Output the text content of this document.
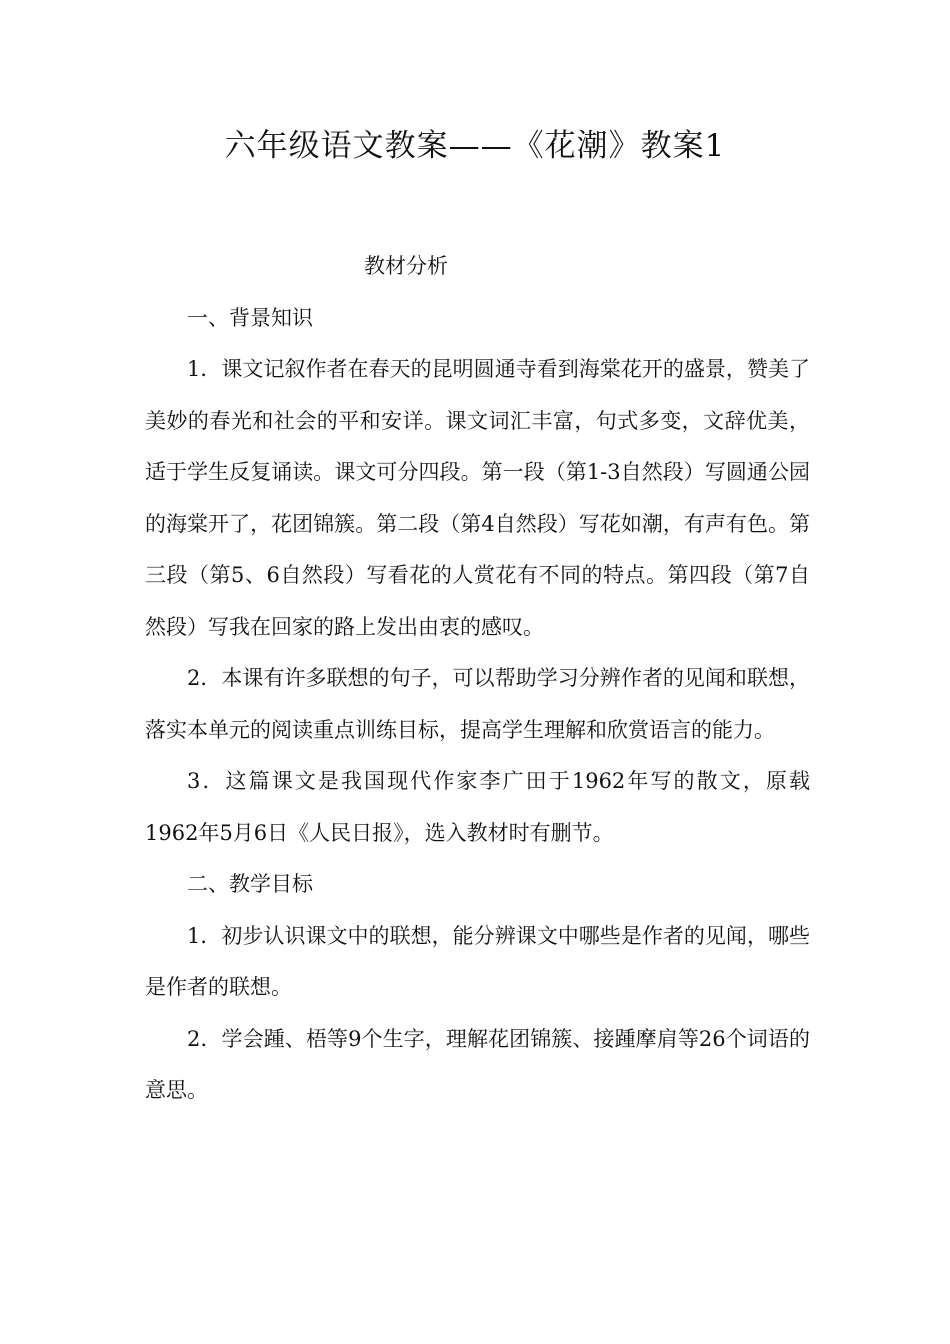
六年级语文教案——《花潮》教案1

教材分析

一、背景知识

1．课文记叙作者在春天的昆明圆通寺看到海棠花开的盛景，赞美了美妙的春光和社会的平和安详。课文词汇丰富，句式多变，文辞优美，适于学生反复诵读。课文可分四段。第一段（第1-3自然段）写圆通公园的海棠开了，花团锦簇。第二段（第4自然段）写花如潮，有声有色。第三段（第5、6自然段）写看花的人赏花有不同的特点。第四段（第7自然段）写我在回家的路上发出由衷的感叹。

2．本课有许多联想的句子，可以帮助学习分辨作者的见闻和联想，落实本单元的阅读重点训练目标，提高学生理解和欣赏语言的能力。

3．这篇课文是我国现代作家李广田于1962年写的散文，原载1962年5月6日《人民日报》，选入教材时有删节。

二、教学目标

1．初步认识课文中的联想，能分辨课文中哪些是作者的见闻，哪些是作者的联想。

2．学会踵、梧等9个生字，理解花团锦簇、接踵摩肩等26个词语的意思。
